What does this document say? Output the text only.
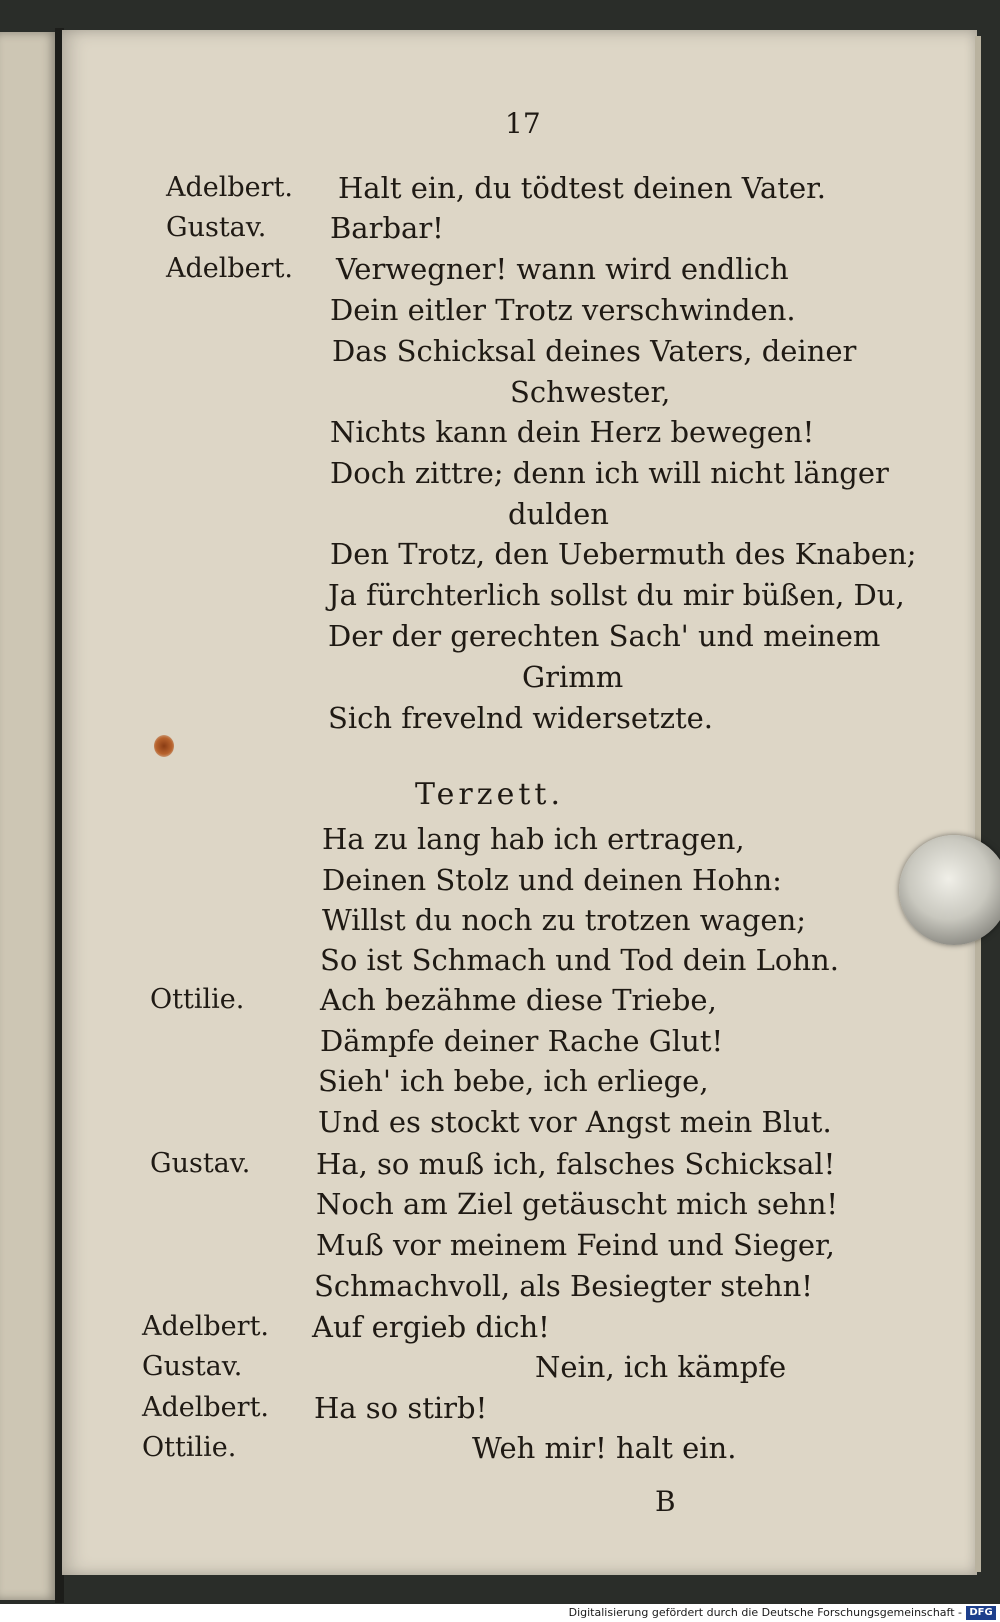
17
Adelbert.
Gustav.
Adelbert.
Halt ein, du tödtest deinen Vater.
Barbar!
Verwegner! wann wird endlich
Dein eitler Trotz verschwinden.
Das Schicksal deines Vaters, deiner
Schwester,
Nichts kann dein Herz bewegen!
Doch zittre; denn ich will nicht länger
dulden
Den Trotz, den Uebermuth des Knaben;
Ja fürchterlich sollst du mir büßen, Du,
Der der gerechten Sach' und meinem
Grimm
Sich frevelnd widersetzte.
Terzett.
Ottilie.
Gustav.
Adelbert.
Gustav.
Adelbert.
Ottilie.
Ha zu lang hab ich ertragen,
Deinen Stolz und deinen Hohn:
Willst du noch zu trotzen wagen;
So ist Schmach und Tod dein Lohn.
Ach bezähme diese Triebe,
Dämpfe deiner Rache Glut!
Sieh' ich bebe, ich erliege,
Und es stockt vor Angst mein Blut.
Ha, so muß ich, falsches Schicksal!
Noch am Ziel getäuscht mich sehn!
Muß vor meinem Feind und Sieger,
Schmachvoll, als Besiegter stehn!
Auf ergieb dich!
Nein, ich kämpfe
Ha so stirb!
Weh mir! halt ein.
B
Digitalisierung gefördert durch die Deutsche Forschungsgemeinschaft - DFG
